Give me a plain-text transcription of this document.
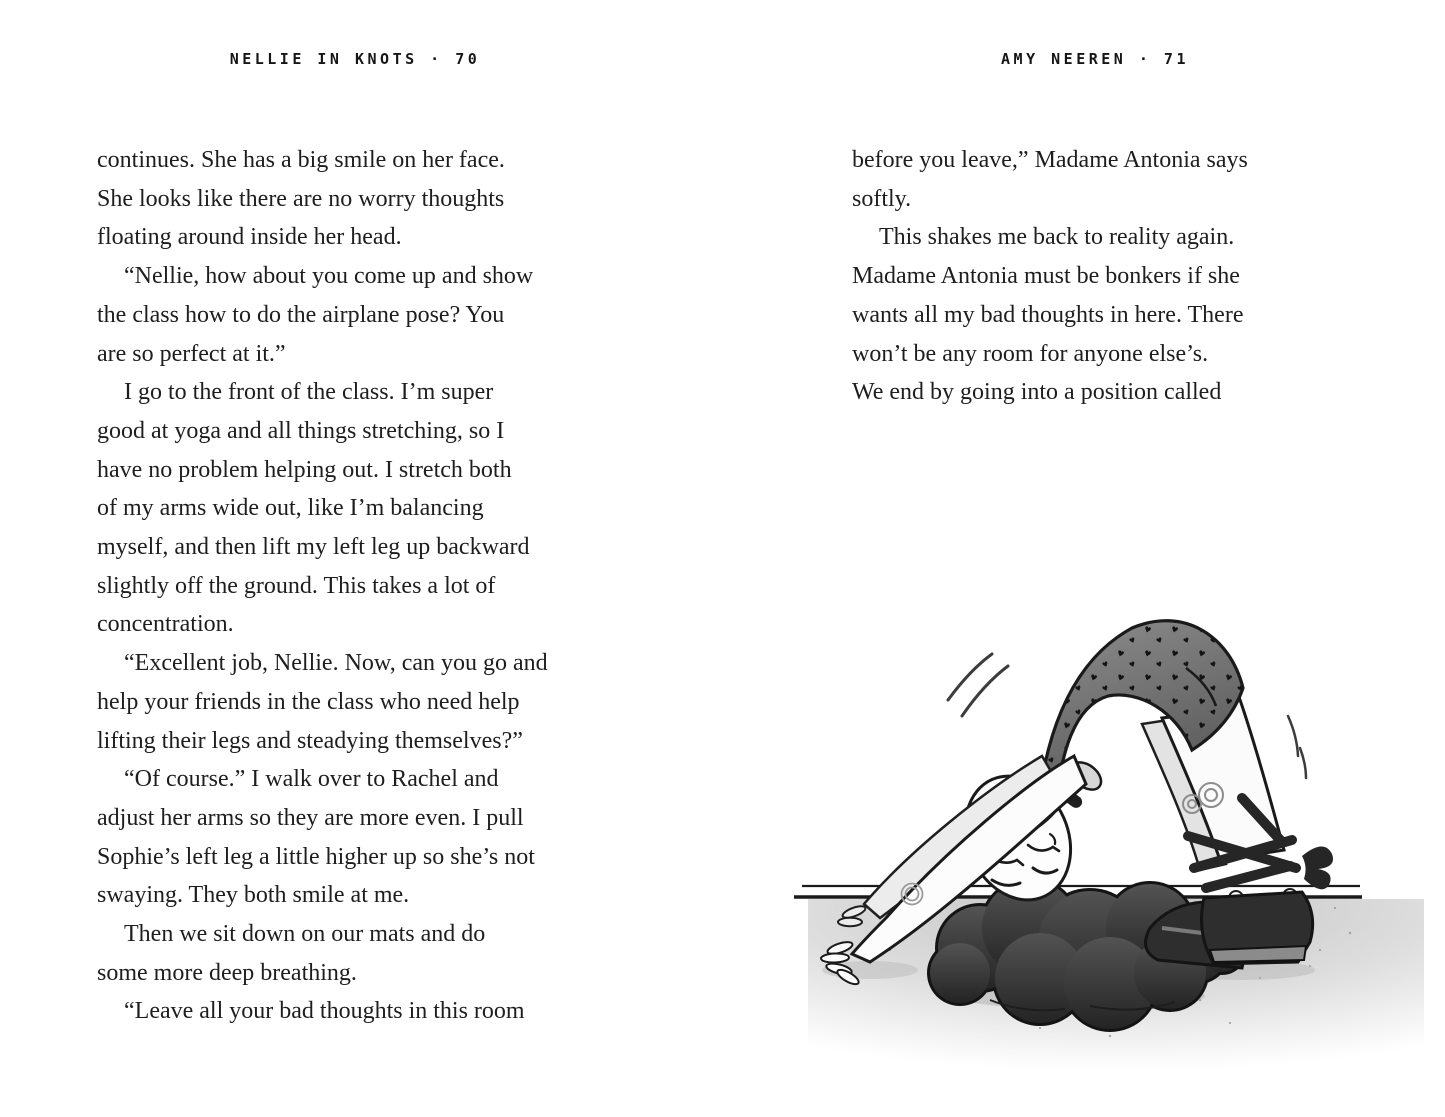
NELLIE IN KNOTS · 70	AMY NEEREN · 71
continues. She has a big smile on her face.
She looks like there are no worry thoughts
floating around inside her head.
“Nellie, how about you come up and show
the class how to do the airplane pose? You
are so perfect at it.”
I go to the front of the class. I’m super
good at yoga and all things stretching, so I
have no problem helping out. I stretch both
of my arms wide out, like I’m balancing
myself, and then lift my left leg up backward
slightly off the ground. This takes a lot of
concentration.
“Excellent job, Nellie. Now, can you go and
help your friends in the class who need help
lifting their legs and steadying themselves?”
“Of course.” I walk over to Rachel and
adjust her arms so they are more even. I pull
Sophie’s left leg a little higher up so she’s not
swaying. They both smile at me.
Then we sit down on our mats and do
some more deep breathing.
“Leave all your bad thoughts in this room
before you leave,” Madame Antonia says
softly.
This shakes me back to reality again.
Madame Antonia must be bonkers if she
wants all my bad thoughts in here. There
won’t be any room for anyone else’s.
We end by going into a position called
